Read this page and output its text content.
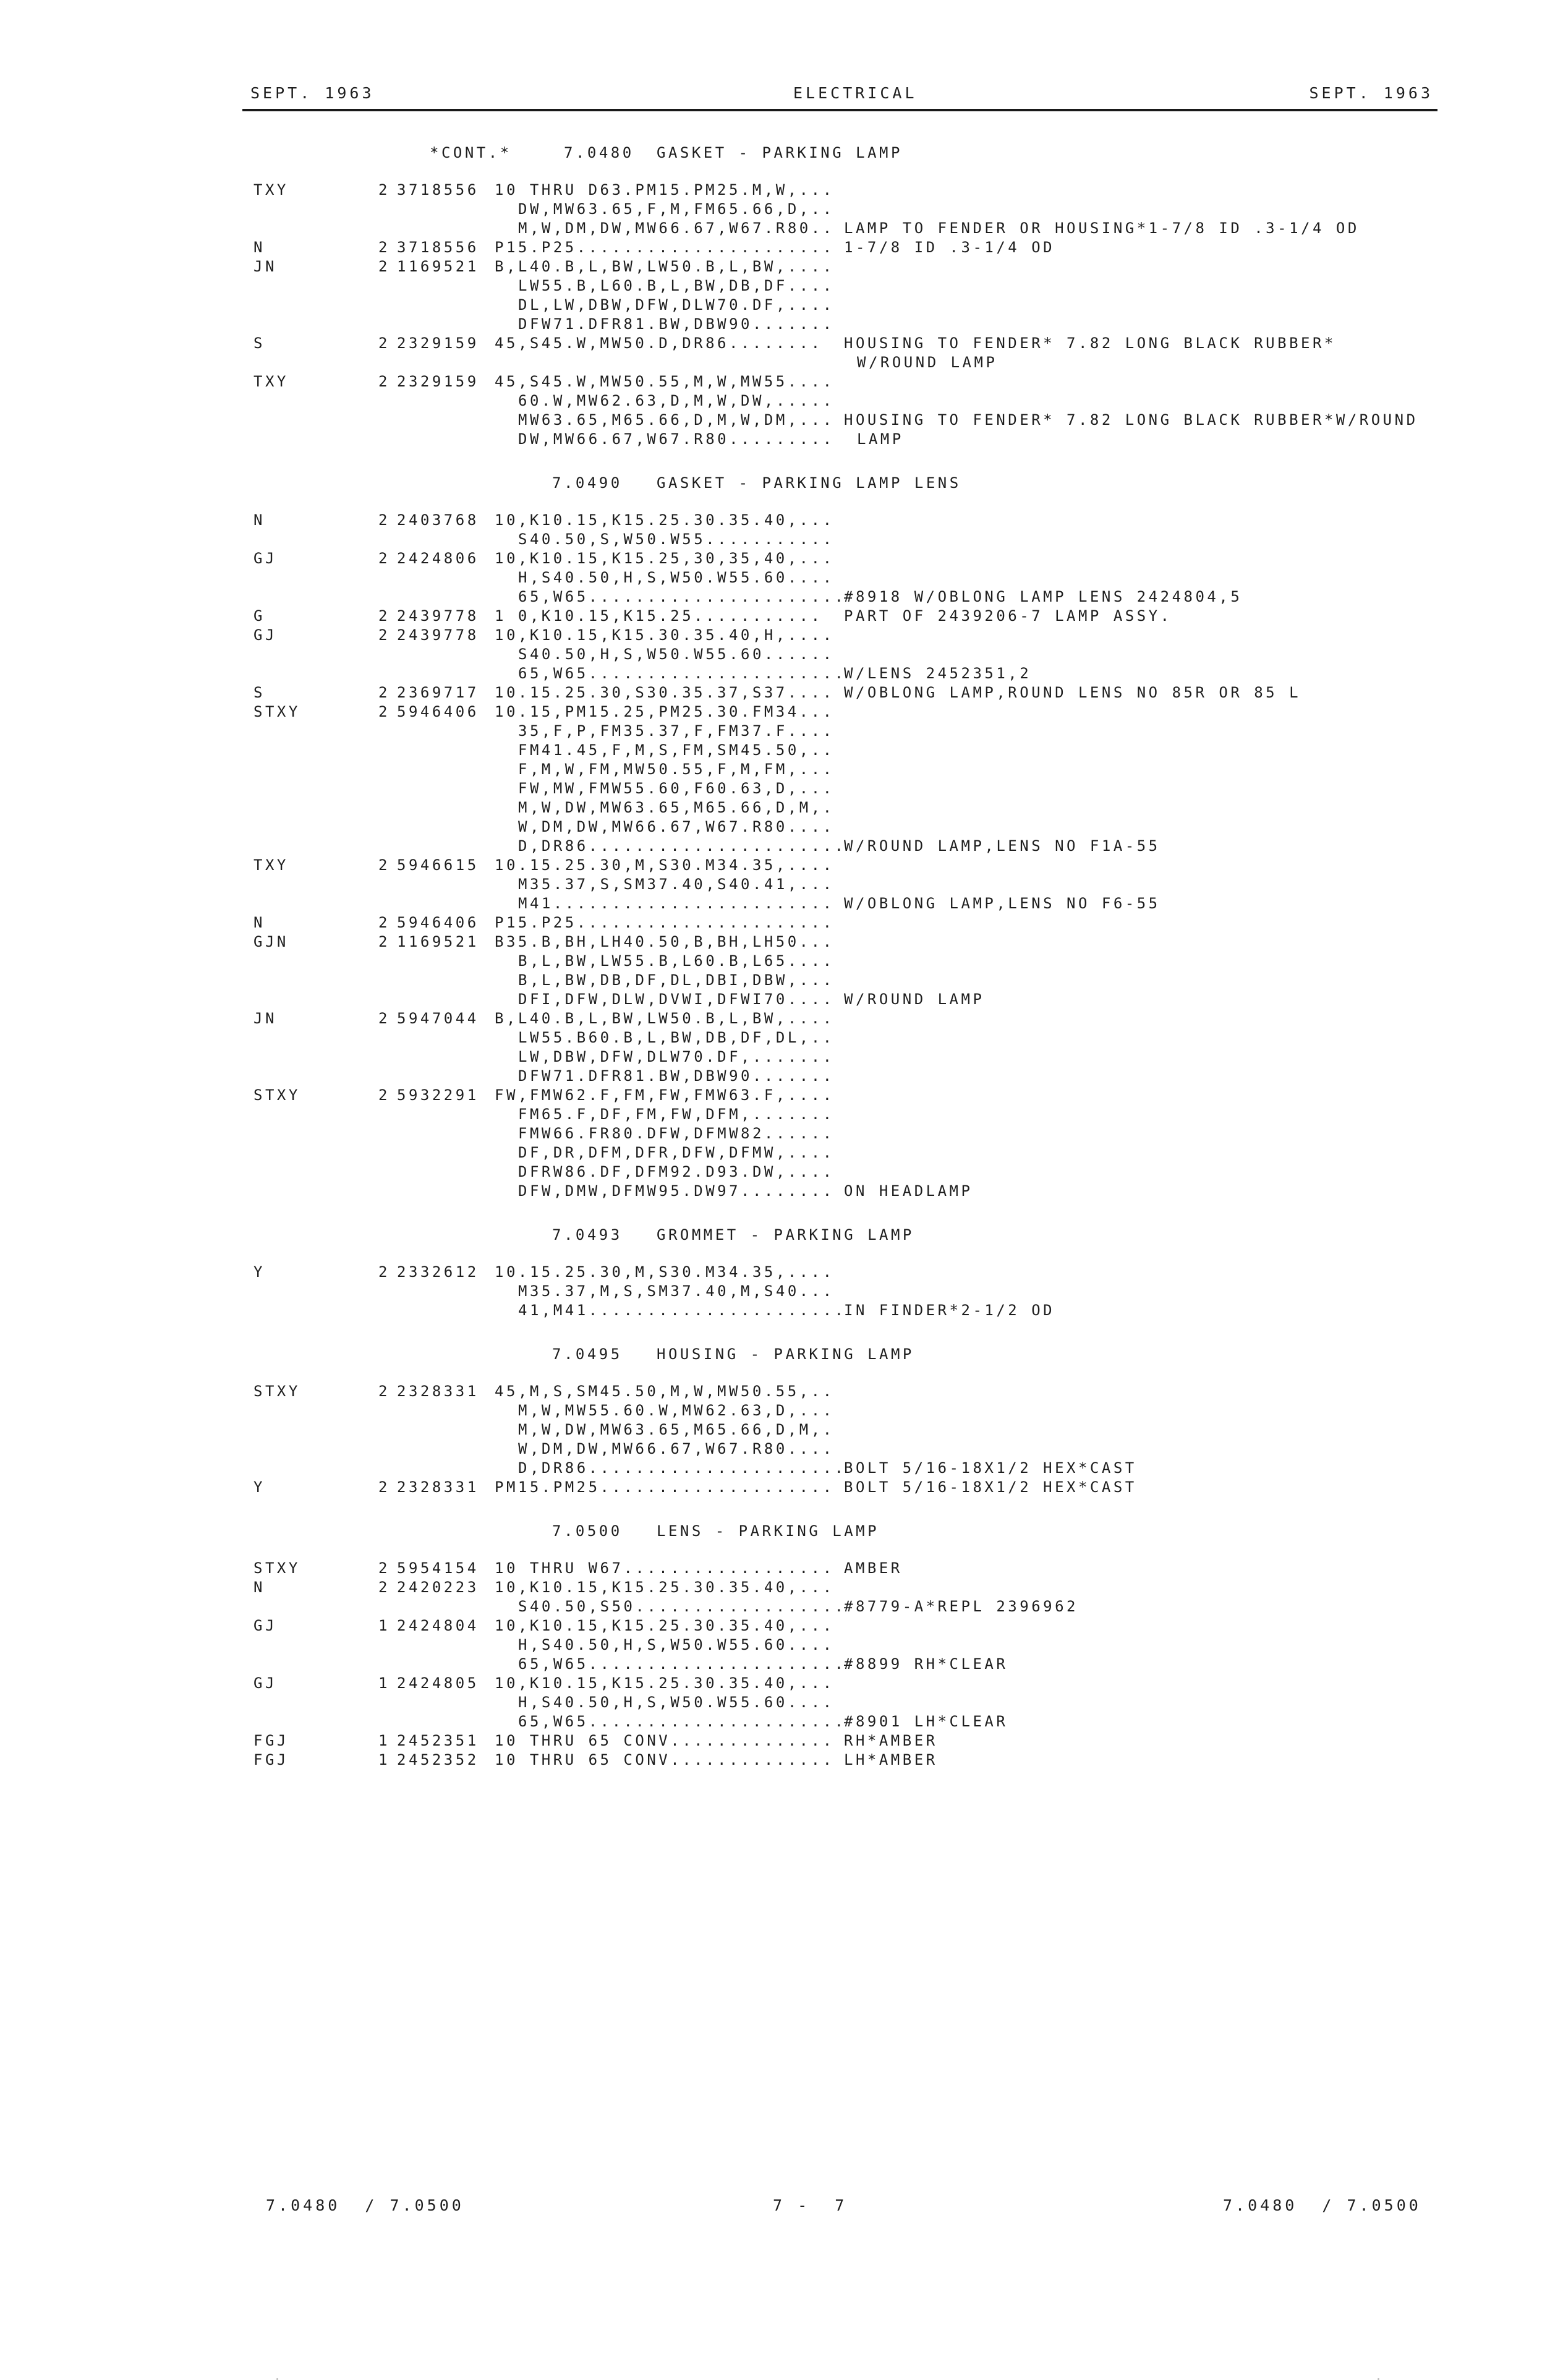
SEPT. 1963	ELECTRICAL	SEPT. 1963
*CONT.*	7.0480 GASKET - PARKING LAMP
TXY	2 3718556 10 THRU D63.PM15.PM25.M,W,...
DW,MW63.65,F,M,FM65.66,D,..
M,W,DM,DW,MW66.67,W67.R80.. LAMP TO FENDER OR HOUSING*1-7/8 ID .3-1/4 OD
N	2 3718556 P15.P25...................... 1-7/8 ID .3-1/4 OD
JN	2 1169521 B,L40.B,L,BW,LW50.B,L,BW,....
LW55.B,L60.B,L,BW,DB,DF....
DL,LW,DBW,DFW,DLW70.DF,....
DFW71.DFR81.BW,DBW90.......
S	2 2329159 45,S45.W,MW50.D,DR86........ HOUSING TO FENDER* 7.82 LONG BLACK RUBBER*
W/ROUND LAMP
TXY	2 2329159 45,S45.W,MW50.55,M,W,MW55....
60.W,MW62.63,D,M,W,DW,.....
MW63.65,M65.66,D,M,W,DM,... HOUSING TO FENDER* 7.82 LONG BLACK RUBBER*W/ROUND
DW,MW66.67,W67.R80......... LAMP
7.0490 GASKET - PARKING LAMP LENS
N	2 2403768 10,K10.15,K15.25.30.35.40,...
S40.50,S,W50.W55...........
GJ	2 2424806 10,K10.15,K15.25,30,35,40,...
H,S40.50,H,S,W50.W55.60....
65,W65......................
#8918 W/OBLONG LAMP LENS 2424804,5
G	2 2439778 1 0,K10.15,K15.25........... PART OF 2439206-7 LAMP ASSY.
GJ	2 2439778 10,K10.15,K15.30.35.40,H,....
S40.50,H,S,W50.W55.60......
65,W65......................
W/LENS 2452351,2
S	2 2369717 10.15.25.30,S30.35.37,S37.... W/OBLONG LAMP,ROUND LENS NO 85R OR 85 L
STXY	2 5946406 10.15,PM15.25,PM25.30.FM34...
35,F,P,FM35.37,F,FM37.F....
FM41.45,F,M,S,FM,SM45.50,..
F,M,W,FM,MW50.55,F,M,FM,...
FW,MW,FMW55.60,F60.63,D,...
M,W,DW,MW63.65,M65.66,D,M,.
W,DM,DW,MW66.67,W67.R80....
D,DR86......................
W/ROUND LAMP,LENS NO F1A-55
TXY	2 5946615 10.15.25.30,M,S30.M34.35,....
M35.37,S,SM37.40,S40.41,...
M41........................ W/OBLONG LAMP,LENS NO F6-55
N	2 5946406 P15.P25......................
GJN	2 1169521 B35.B,BH,LH40.50,B,BH,LH50...
B,L,BW,LW55.B,L60.B,L65....
B,L,BW,DB,DF,DL,DBI,DBW,...
DFI,DFW,DLW,DVWI,DFWI70.... W/ROUND LAMP
JN	2 5947044 B,L40.B,L,BW,LW50.B,L,BW,....
LW55.B60.B,L,BW,DB,DF,DL,..
LW,DBW,DFW,DLW70.DF,.......
DFW71.DFR81.BW,DBW90.......
STXY	2 5932291 FW,FMW62.F,FM,FW,FMW63.F,....
FM65.F,DF,FM,FW,DFM,.......
FMW66.FR80.DFW,DFMW82......
DF,DR,DFM,DFR,DFW,DFMW,....
DFRW86.DF,DFM92.D93.DW,....
DFW,DMW,DFMW95.DW97........ ON HEADLAMP
7.0493 GROMMET - PARKING LAMP
Y	2 2332612 10.15.25.30,M,S30.M34.35,....
M35.37,M,S,SM37.40,M,S40...
41,M41......................
IN FINDER*2-1/2 OD
7.0495 HOUSING - PARKING LAMP
STXY	2 2328331 45,M,S,SM45.50,M,W,MW50.55,..
M,W,MW55.60.W,MW62.63,D,...
M,W,DW,MW63.65,M65.66,D,M,.
W,DM,DW,MW66.67,W67.R80....
D,DR86......................
BOLT 5/16-18X1/2 HEX*CAST
Y	2 2328331 PM15.PM25.................... BOLT 5/16-18X1/2 HEX*CAST
7.0500 LENS - PARKING LAMP
STXY	2 5954154 10 THRU W67.................. AMBER
N	2 2420223 10,K10.15,K15.25.30.35.40,...
S40.50,S50..................
#8779-A*REPL 2396962
GJ	1 2424804 10,K10.15,K15.25.30.35.40,...
H,S40.50,H,S,W50.W55.60....
65,W65......................
#8899 RH*CLEAR
GJ	1 2424805 10,K10.15,K15.25.30.35.40,...
H,S40.50,H,S,W50.W55.60....
65,W65......................
#8901 LH*CLEAR
FGJ	1 2452351 10 THRU 65 CONV.............. RH*AMBER
FGJ	1 2452352 10 THRU 65 CONV.............. LH*AMBER
7.0480  / 7.0500	7 -  7	7.0480  / 7.0500
